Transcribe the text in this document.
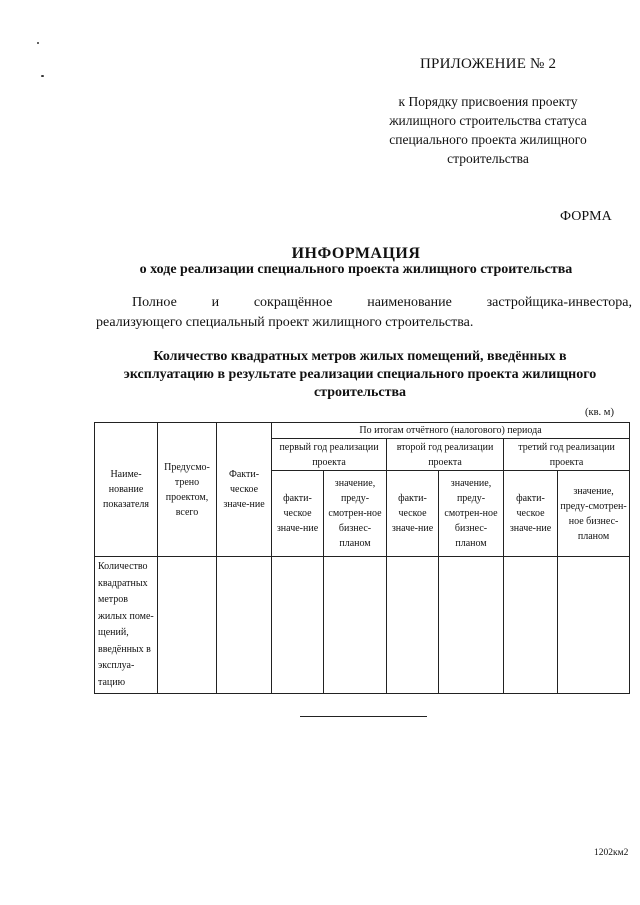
ПРИЛОЖЕНИЕ № 2
к Порядку присвоения проекту жилищного строительства статуса специального проекта жилищного строительства
ФОРМА
ИНФОРМАЦИЯ
о ходе реализации специального проекта жилищного строительства
Полное и сокращённое наименование застройщика-инвестора,
реализующего специальный проект жилищного строительства.
Количество квадратных метров жилых помещений, введённых в эксплуатацию в результате реализации специального проекта жилищного строительства
(кв. м)
Наиме-нование показателя	Предусмо-трено проектом, всего	Факти-ческое значе-ние	По итогам отчётного (налогового) периода					
			первый год реализации проекта		второй год реализации проекта		третий год реализации проекта	
			факти-ческое значе-ние	значение, преду-смотрен-ное бизнес-планом	факти-ческое значе-ние	значение, преду-смотрен-ное бизнес-планом	факти-ческое значе-ние	значение, преду-смотрен-ное бизнес-планом
Количество квадратных метров жилых поме-щений, введённых в эксплуа-тацию								
1202км2
